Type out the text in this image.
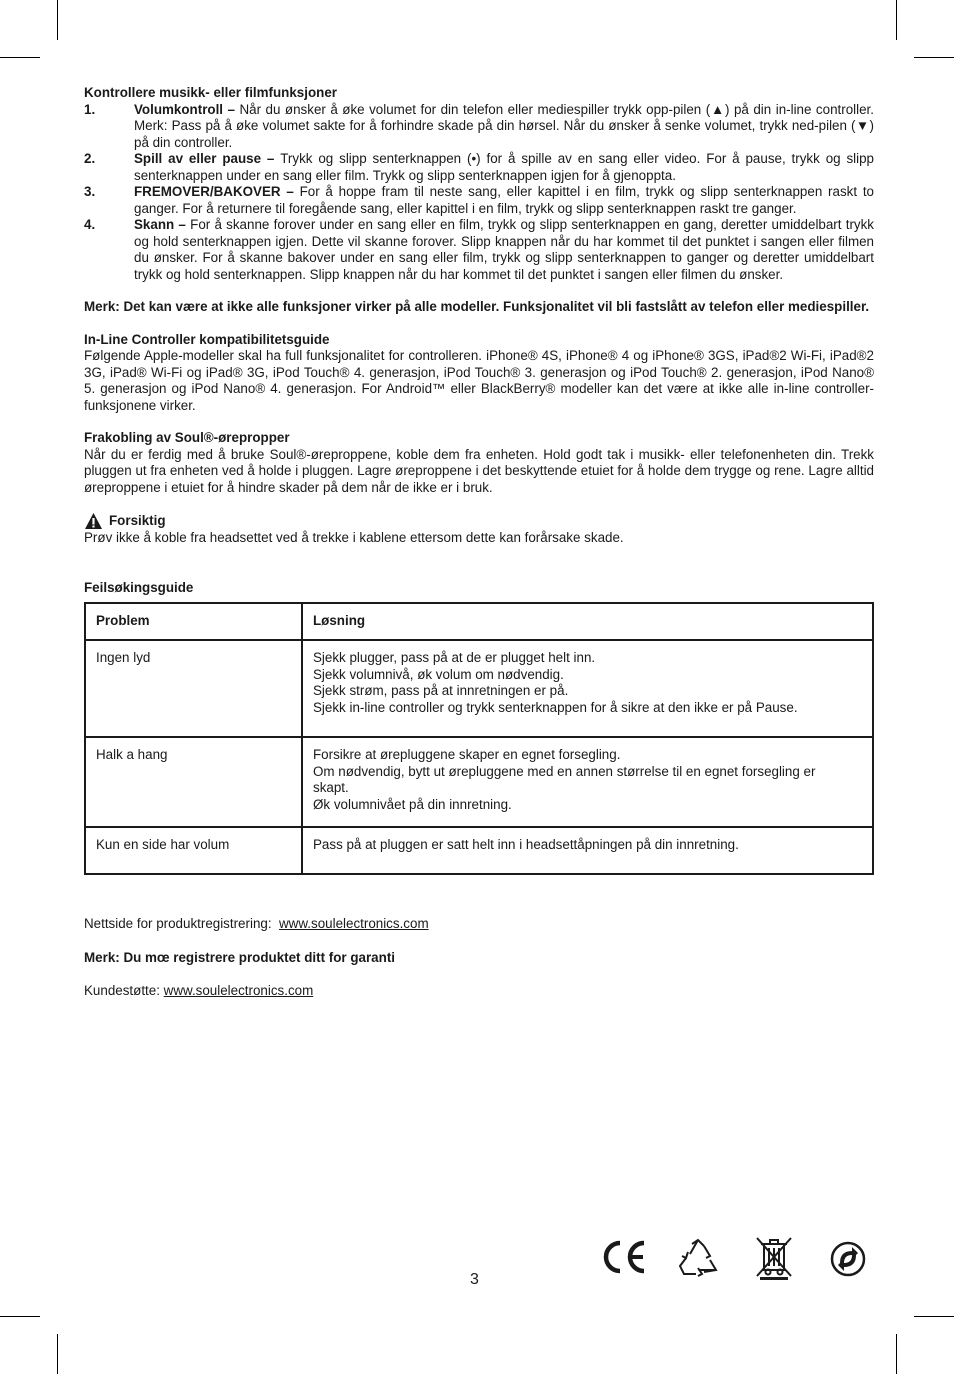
Kontrollere musikk- eller filmfunksjoner

1.	Volumkontroll – Når du ønsker å øke volumet for din telefon eller mediespiller trykk opp-pilen (▲) på din in-line controller. Merk: Pass på å øke volumet sakte for å forhindre skade på din hørsel. Når du ønsker å senke volumet, trykk ned-pilen (▼) på din controller.
2.	Spill av eller pause – Trykk og slipp senterknappen (•) for å spille av en sang eller video. For å pause, trykk og slipp senterknappen under en sang eller film. Trykk og slipp senterknappen igjen for å gjenoppta.
3.	FREMOVER/BAKOVER – For å hoppe fram til neste sang, eller kapittel i en film, trykk og slipp senterknappen raskt to ganger. For å returnere til foregående sang, eller kapittel i en film, trykk og slipp senterknappen raskt tre ganger.
4.	Skann – For å skanne forover under en sang eller en film, trykk og slipp senterknappen en gang, deretter umiddelbart trykk og hold senterknappen igjen. Dette vil skanne forover. Slipp knappen når du har kommet til det punktet i sangen eller filmen du ønsker. For å skanne bakover under en sang eller film, trykk og slipp senterknappen to ganger og deretter umiddelbart trykk og hold senterknappen. Slipp knappen når du har kommet til det punktet i sangen eller filmen du ønsker.

Merk: Det kan være at ikke alle funksjoner virker på alle modeller. Funksjonalitet vil bli fastslått av telefon eller mediespiller.

In-Line Controller kompatibilitetsguide

Følgende Apple-modeller skal ha full funksjonalitet for controlleren. iPhone® 4S, iPhone® 4 og iPhone® 3GS, iPad®2 Wi-Fi, iPad®2 3G, iPad® Wi-Fi og iPad® 3G, iPod Touch® 4. generasjon, iPod Touch® 3. generasjon og iPod Touch® 2. generasjon, iPod Nano® 5. generasjon og iPod Nano® 4. generasjon. For Android™ eller BlackBerry® modeller kan det være at ikke alle in-line controller-funksjonene virker.

Frakobling av Soul®-ørepropper

Når du er ferdig med å bruke Soul®-øreproppene, koble dem fra enheten. Hold godt tak i musikk- eller telefonenheten din. Trekk pluggen ut fra enheten ved å holde i pluggen. Lagre øreproppene i det beskyttende etuiet for å holde dem trygge og rene. Lagre alltid øreproppene i etuiet for å hindre skader på dem når de ikke er i bruk.

Forsiktig

Prøv ikke å koble fra headsettet ved å trekke i kablene ettersom dette kan forårsake skade.

Feilsøkingsguide

Problem	Løsning
Ingen lyd	Sjekk plugger, pass på at de er plugget helt inn.
Sjekk volumnivå, øk volum om nødvendig.
Sjekk strøm, pass på at innretningen er på.
Sjekk in-line controller og trykk senterknappen for å sikre at den ikke er på Pause.

Halk a hang	Forsikre at ørepluggene skaper en egnet forsegling.
Om nødvendig, bytt ut ørepluggene med en annen størrelse til en egnet forsegling er skapt.
Øk volumnivået på din innretning.

Kun en side har volum	Pass på at pluggen er satt helt inn i headsettåpningen på din innretning.

Nettside for produktregistrering: www.soulelectronics.com

Merk: Du mœ registrere produktet ditt for garanti

Kundestøtte: www.soulelectronics.com

3
